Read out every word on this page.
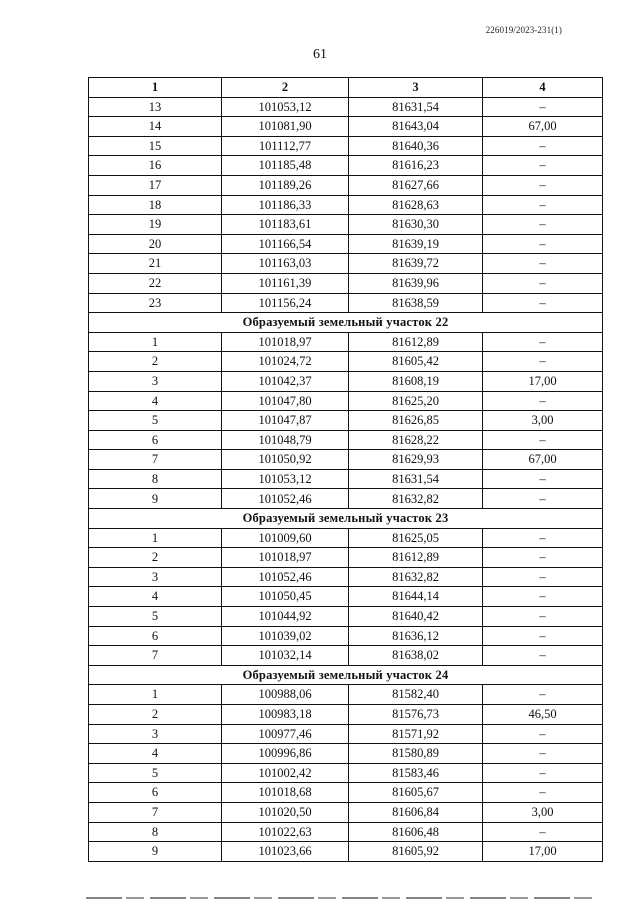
226019/2023-231(1)
61
1	2	3	4
13	101053,12	81631,54	–
14	101081,90	81643,04	67,00
15	101112,77	81640,36	–
16	101185,48	81616,23	–
17	101189,26	81627,66	–
18	101186,33	81628,63	–
19	101183,61	81630,30	–
20	101166,54	81639,19	–
21	101163,03	81639,72	–
22	101161,39	81639,96	–
23	101156,24	81638,59	–
Образуемый земельный участок 22			
1	101018,97	81612,89	–
2	101024,72	81605,42	–
3	101042,37	81608,19	17,00
4	101047,80	81625,20	–
5	101047,87	81626,85	3,00
6	101048,79	81628,22	–
7	101050,92	81629,93	67,00
8	101053,12	81631,54	–
9	101052,46	81632,82	–
Образуемый земельный участок 23			
1	101009,60	81625,05	–
2	101018,97	81612,89	–
3	101052,46	81632,82	–
4	101050,45	81644,14	–
5	101044,92	81640,42	–
6	101039,02	81636,12	–
7	101032,14	81638,02	–
Образуемый земельный участок 24			
1	100988,06	81582,40	–
2	100983,18	81576,73	46,50
3	100977,46	81571,92	–
4	100996,86	81580,89	–
5	101002,42	81583,46	–
6	101018,68	81605,67	–
7	101020,50	81606,84	3,00
8	101022,63	81606,48	–
9	101023,66	81605,92	17,00
